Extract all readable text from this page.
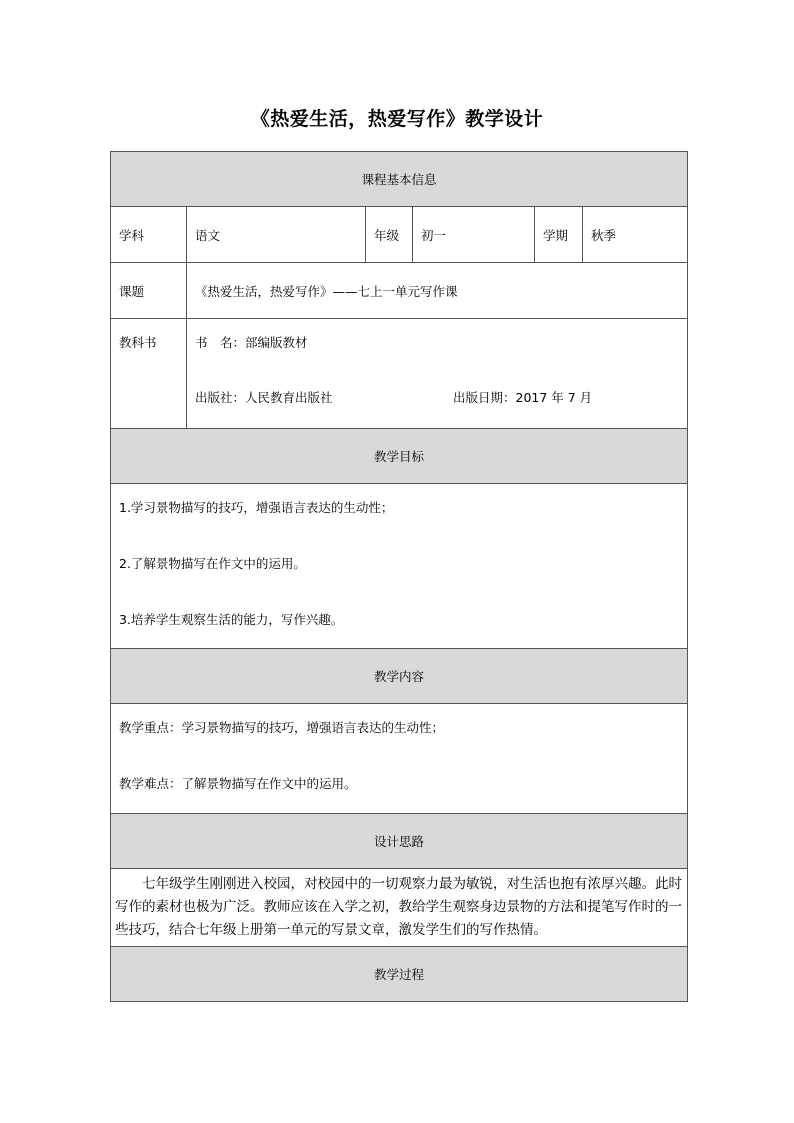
《热爱生活，热爱写作》教学设计
课程基本信息					
学科	语文	年级	初一	学期	秋季
课题	《热爱生活，热爱写作》——七上一单元写作课				
教科书	书　名：部编版教材
出版社：人民教育出版社 出版日期：2017 年 7 月				

教学目标					

1.学习景物描写的技巧，增强语言表达的生动性；
2.了解景物描写在作文中的运用。
3.培养学生观察生活的能力，写作兴趣。					

教学内容					

教学重点：学习景物描写的技巧，增强语言表达的生动性；
教学难点：了解景物描写在作文中的运用。					

设计思路					
七年级学生刚刚进入校园，对校园中的一切观察力最为敏锐，对生活也抱有浓厚兴趣。此时写作的素材也极为广泛。教师应该在入学之初，教给学生观察身边景物的方法和提笔写作时的一些技巧，结合七年级上册第一单元的写景文章，激发学生们的写作热情。					
教学过程					
